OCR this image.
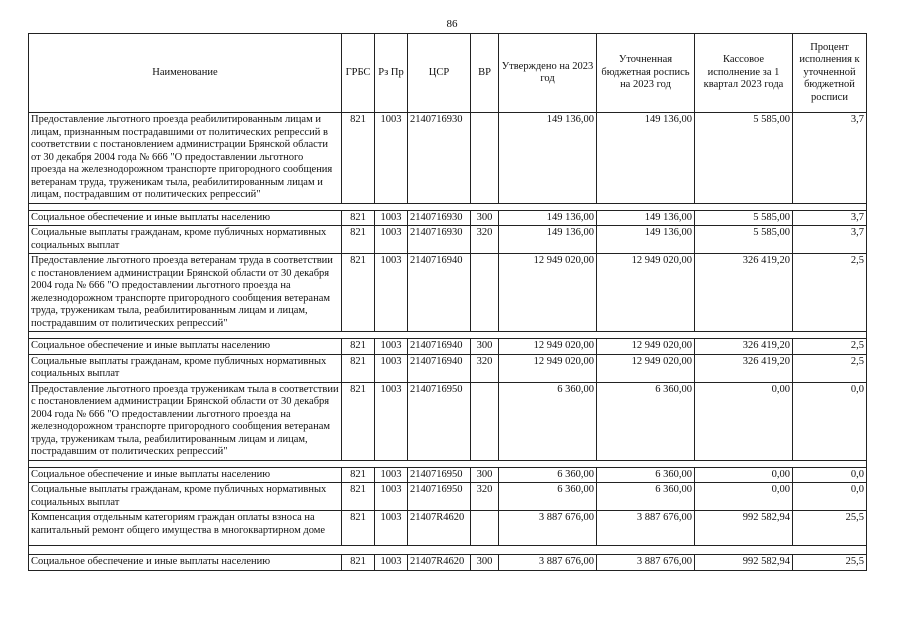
86
Наименование	ГРБС	Рз Пр	ЦСР	ВР	Утверждено на 2023 год	Уточненная бюджетная роспись на 2023 год	Кассовое исполнение за 1 квартал 2023 года	Процент исполнения к уточненной бюджетной росписи
Предоставление льготного проезда реабилитированным лицам и лицам, признанным пострадавшими от политических репрессий в соответствии с постановлением администрации Брянской области от 30 декабря 2004 года № 666 "О предоставлении льготного проезда на железнодорожном транспорте пригородного сообщения ветеранам труда, труженикам тыла, реабилитированным лицам и лицам, пострадавшим от политических репрессий"	821	1003	2140716930		149 136,00	149 136,00	5 585,00	3,7

Социальное обеспечение и иные выплаты населению	821	1003	2140716930	300	149 136,00	149 136,00	5 585,00	3,7
Социальные выплаты гражданам, кроме публичных нормативных социальных выплат	821	1003	2140716930	320	149 136,00	149 136,00	5 585,00	3,7
Предоставление льготного проезда ветеранам труда в соответствии с постановлением администрации Брянской области от 30 декабря 2004 года № 666 "О предоставлении льготного проезда на железнодорожном транспорте пригородного сообщения ветеранам труда, труженикам тыла, реабилитированным лицам и лицам, пострадавшим от политических репрессий"	821	1003	2140716940		12 949 020,00	12 949 020,00	326 419,20	2,5

Социальное обеспечение и иные выплаты населению	821	1003	2140716940	300	12 949 020,00	12 949 020,00	326 419,20	2,5
Социальные выплаты гражданам, кроме публичных нормативных социальных выплат	821	1003	2140716940	320	12 949 020,00	12 949 020,00	326 419,20	2,5
Предоставление льготного проезда труженикам тыла в соответствии с постановлением администрации Брянской области от 30 декабря 2004 года № 666 "О предоставлении льготного проезда на железнодорожном транспорте пригородного сообщения ветеранам труда, труженикам тыла, реабилитированным лицам и лицам, пострадавшим от политических репрессий"	821	1003	2140716950		6 360,00	6 360,00	0,00	0,0

Социальное обеспечение и иные выплаты населению	821	1003	2140716950	300	6 360,00	6 360,00	0,00	0,0
Социальные выплаты гражданам, кроме публичных нормативных социальных выплат	821	1003	2140716950	320	6 360,00	6 360,00	0,00	0,0
Компенсация отдельным категориям граждан оплаты взноса на капитальный ремонт общего имущества в многоквартирном доме	821	1003	21407R4620		3 887 676,00	3 887 676,00	992 582,94	25,5

Социальное обеспечение и иные выплаты населению	821	1003	21407R4620	300	3 887 676,00	3 887 676,00	992 582,94	25,5
